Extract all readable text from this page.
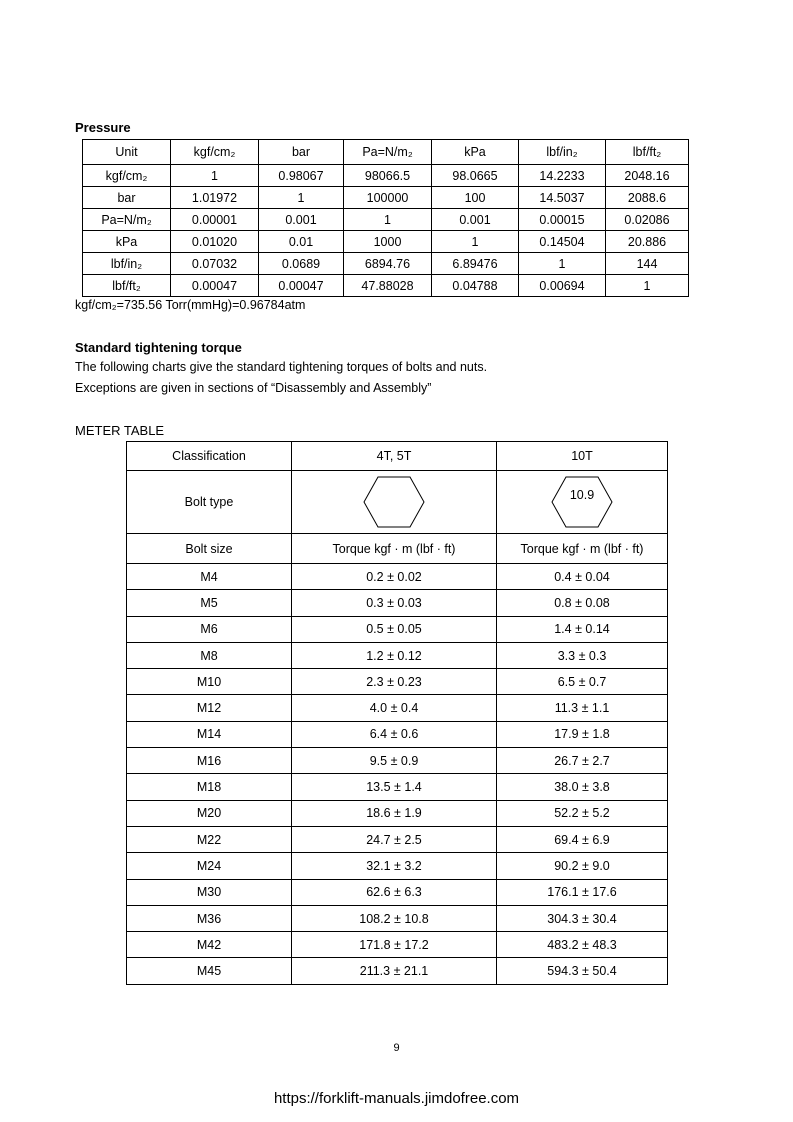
Pressure
Unit	kgf/cm₂	bar	Pa=N/m₂	kPa	lbf/in₂	lbf/ft₂
kgf/cm₂	1	0.98067	98066.5	98.0665	14.2233	2048.16
bar	1.01972	1	100000	100	14.5037	2088.6
Pa=N/m₂	0.00001	0.001	1	0.001	0.00015	0.02086
kPa	0.01020	0.01	1000	1	0.14504	20.886
lbf/in₂	0.07032	0.0689	6894.76	6.89476	1	144
lbf/ft₂	0.00047	0.00047	47.88028	0.04788	0.00694	1
kgf/cm₂=735.56 Torr(mmHg)=0.96784atm
Standard tightening torque
The following charts give the standard tightening torques of bolts and nuts.
Exceptions are given in sections of “Disassembly and Assembly”
METER TABLE
Classification	4T, 5T	10T
Bolt type		10.9

Bolt size	Torque kgf · m (lbf · ft)	Torque kgf · m (lbf · ft)
M4	0.2 ± 0.02	0.4 ± 0.04
M5	0.3 ± 0.03	0.8 ± 0.08
M6	0.5 ± 0.05	1.4 ± 0.14
M8	1.2 ± 0.12	3.3 ± 0.3
M10	2.3 ± 0.23	6.5 ± 0.7
M12	4.0 ± 0.4	11.3 ± 1.1
M14	6.4 ± 0.6	17.9 ± 1.8
M16	9.5 ± 0.9	26.7 ± 2.7
M18	13.5 ± 1.4	38.0 ± 3.8
M20	18.6 ± 1.9	52.2 ± 5.2
M22	24.7 ± 2.5	69.4 ± 6.9
M24	32.1 ± 3.2	90.2 ± 9.0
M30	62.6 ± 6.3	176.1 ± 17.6
M36	108.2 ± 10.8	304.3 ± 30.4
M42	171.8 ± 17.2	483.2 ± 48.3
M45	211.3 ± 21.1	594.3 ± 50.4
9
https://forklift-manuals.jimdofree.com
